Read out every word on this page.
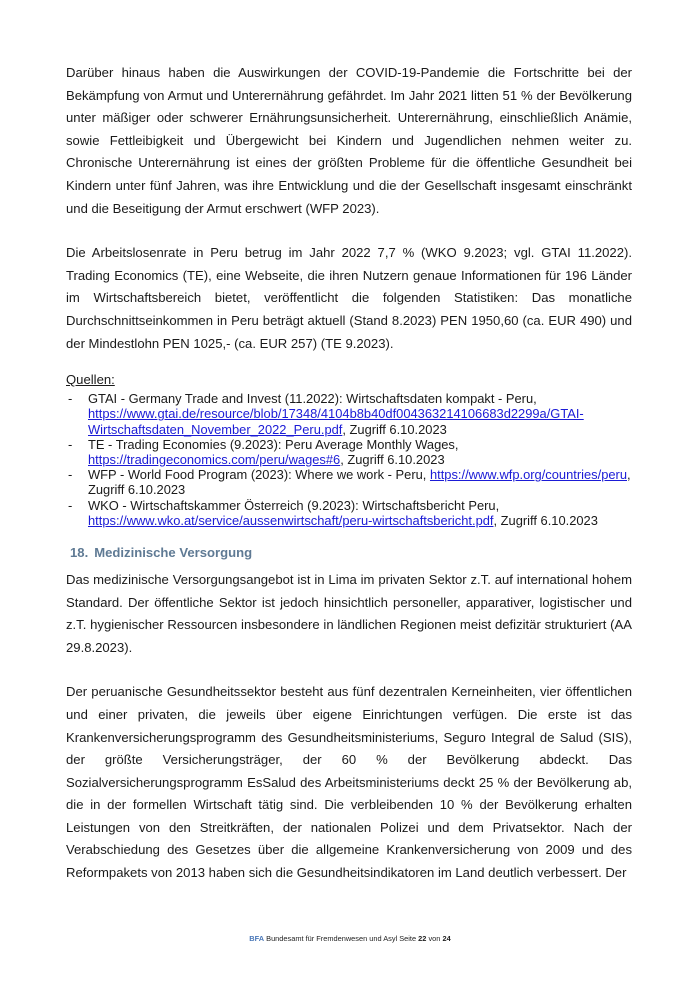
Darüber hinaus haben die Auswirkungen der COVID-19-Pandemie die Fortschritte bei der Bekämpfung von Armut und Unterernährung gefährdet. Im Jahr 2021 litten 51 % der Bevölkerung unter mäßiger oder schwerer Ernährungsunsicherheit. Unterernährung, einschließlich Anämie, sowie Fettleibigkeit und Übergewicht bei Kindern und Jugendlichen nehmen weiter zu. Chronische Unterernährung ist eines der größten Probleme für die öffentliche Gesundheit bei Kindern unter fünf Jahren, was ihre Entwicklung und die der Gesellschaft insgesamt einschränkt und die Beseitigung der Armut erschwert (WFP 2023).

Die Arbeitslosenrate in Peru betrug im Jahr 2022 7,7 % (WKO 9.2023; vgl. GTAI 11.2022). Trading Economics (TE), eine Webseite, die ihren Nutzern genaue Informationen für 196 Länder im Wirtschaftsbereich bietet, veröffentlicht die folgenden Statistiken: Das monatliche Durchschnittseinkommen in Peru beträgt aktuell (Stand 8.2023) PEN 1950,60 (ca. EUR 490) und der Mindestlohn PEN 1025,- (ca. EUR 257) (TE 9.2023).

Quellen:
- GTAI - Germany Trade and Invest (11.2022): Wirtschaftsdaten kompakt - Peru, https://www.gtai.de/resource/blob/17348/4104b8b40df004363214106683d2299a/GTAI-Wirtschaftsdaten_November_2022_Peru.pdf, Zugriff 6.10.2023
- TE - Trading Economies (9.2023): Peru Average Monthly Wages, https://tradingeconomics.com/peru/wages#6, Zugriff 6.10.2023
- WFP - World Food Program (2023): Where we work - Peru, https://www.wfp.org/countries/peru, Zugriff 6.10.2023
- WKO - Wirtschaftskammer Österreich (9.2023): Wirtschaftsbericht Peru, https://www.wko.at/service/aussenwirtschaft/peru-wirtschaftsbericht.pdf, Zugriff 6.10.2023
18. Medizinische Versorgung

Das medizinische Versorgungsangebot ist in Lima im privaten Sektor z.T. auf international hohem Standard. Der öffentliche Sektor ist jedoch hinsichtlich personeller, apparativer, logistischer und z.T. hygienischer Ressourcen insbesondere in ländlichen Regionen meist defizitär strukturiert (AA 29.8.2023).

Der peruanische Gesundheitssektor besteht aus fünf dezentralen Kerneinheiten, vier öffentlichen und einer privaten, die jeweils über eigene Einrichtungen verfügen. Die erste ist das Krankenversicherungsprogramm des Gesundheitsministeriums, Seguro Integral de Salud (SIS), der größte Versicherungsträger, der 60 % der Bevölkerung abdeckt. Das Sozialversicherungsprogramm EsSalud des Arbeitsministeriums deckt 25 % der Bevölkerung ab, die in der formellen Wirtschaft tätig sind. Die verbleibenden 10 % der Bevölkerung erhalten Leistungen von den Streitkräften, der nationalen Polizei und dem Privatsektor. Nach der Verabschiedung des Gesetzes über die allgemeine Krankenversicherung von 2009 und des Reformpakets von 2013 haben sich die Gesundheitsindikatoren im Land deutlich verbessert. Der

BFA Bundesamt für Fremdenwesen und Asyl Seite 22 von 24
